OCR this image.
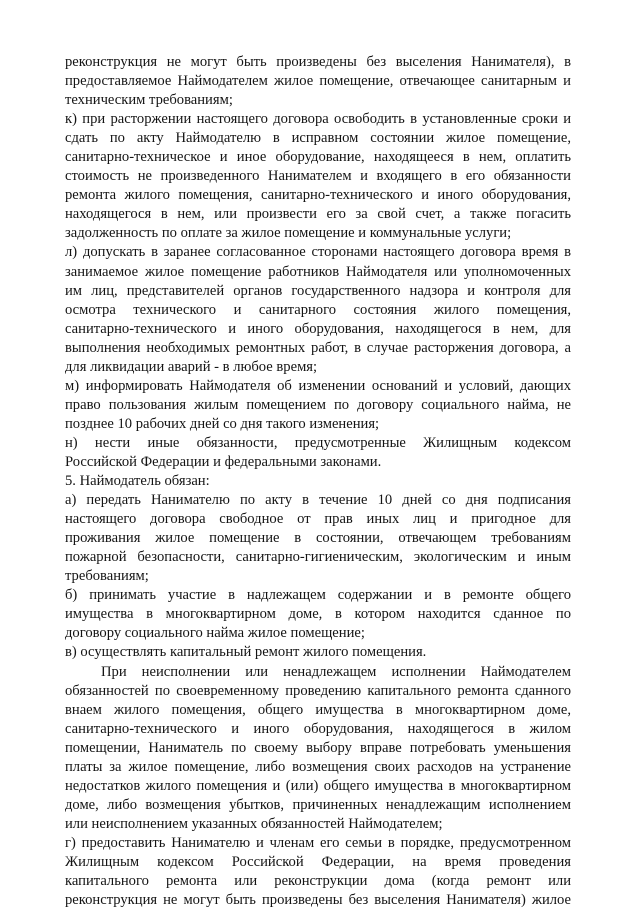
реконструкция не могут быть произведены без выселения Нанимателя), в
предоставляемое Наймодателем жилое помещение, отвечающее санитарным и
техническим требованиям;
к) при расторжении настоящего договора освободить в установленные сроки и
сдать по акту Наймодателю в исправном состоянии жилое помещение,
санитарно-техническое и иное оборудование, находящееся в нем, оплатить
стоимость не произведенного Нанимателем и входящего в его обязанности
ремонта жилого помещения, санитарно-технического и иного оборудования,
находящегося в нем, или произвести его за свой счет, а также погасить
задолженность по оплате за жилое помещение и коммунальные услуги;
л) допускать в заранее согласованное сторонами настоящего договора время в
занимаемое жилое помещение работников Наймодателя или уполномоченных
им лиц, представителей органов государственного надзора и контроля для
осмотра технического и санитарного состояния жилого помещения,
санитарно-технического и иного оборудования, находящегося в нем, для
выполнения необходимых ремонтных работ, в случае расторжения договора, а
для ликвидации аварий - в любое время;
м) информировать Наймодателя об изменении оснований и условий, дающих
право пользования жилым помещением по договору социального найма, не
позднее 10 рабочих дней со дня такого изменения;
н) нести иные обязанности, предусмотренные Жилищным кодексом
Российской Федерации и федеральными законами.
5. Наймодатель обязан:
а) передать Нанимателю по акту в течение 10 дней со дня подписания
настоящего договора свободное от прав иных лиц и пригодное для
проживания жилое помещение в состоянии, отвечающем требованиям
пожарной безопасности, санитарно-гигиеническим, экологическим и иным
требованиям;
б) принимать участие в надлежащем содержании и в ремонте общего
имущества в многоквартирном доме, в котором находится сданное по
договору социального найма жилое помещение;
в) осуществлять капитальный ремонт жилого помещения.
При неисполнении или ненадлежащем исполнении Наймодателем
обязанностей по своевременному проведению капитального ремонта сданного
внаем жилого помещения, общего имущества в многоквартирном доме,
санитарно-технического и иного оборудования, находящегося в жилом
помещении, Наниматель по своему выбору вправе потребовать уменьшения
платы за жилое помещение, либо возмещения своих расходов на устранение
недостатков жилого помещения и (или) общего имущества в многоквартирном
доме, либо возмещения убытков, причиненных ненадлежащим исполнением
или неисполнением указанных обязанностей Наймодателем;
г) предоставить Нанимателю и членам его семьи в порядке, предусмотренном
Жилищным кодексом Российской Федерации, на время проведения
капитального ремонта или реконструкции дома (когда ремонт или
реконструкция не могут быть произведены без выселения Нанимателя) жилое
